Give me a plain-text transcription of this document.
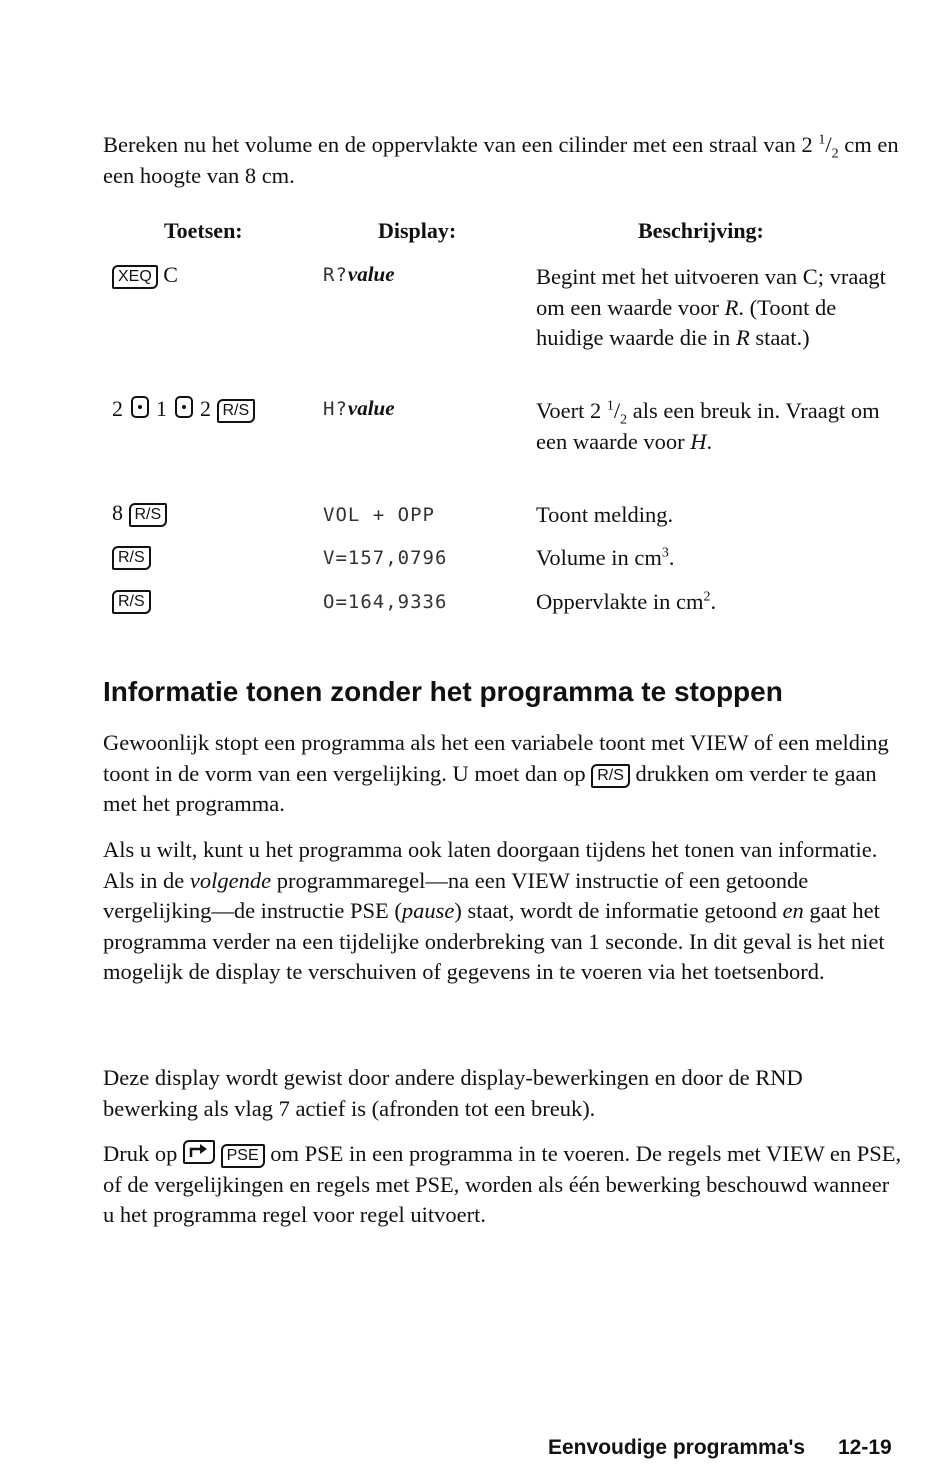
Bereken nu het volume en de oppervlakte van een cilinder met een straal van 2 $^1/_2$ cm en een hoogte van 8 cm.

Toetsen:	Display:	Beschrijving:
XEQ C	R?value	Begint met het uitvoeren van C; vraagt om een waarde voor R. (Toont de huidige waarde die in R staat.)
2 1 2 R/S	H?value	Voert 2 $^1/_2$ als een breuk in. Vraagt om een waarde voor H.
8 R/S	VOL + OPP	Toont melding.
R/S	V=157,0796	Volume in $cm^3$.
R/S	O=164,9336	Oppervlakte in $cm^2$.
Informatie tonen zonder het programma te stoppen

Gewoonlijk stopt een programma als het een variabele toont met VIEW of een melding toont in de vorm van een vergelijking. U moet dan op R/S drukken om verder te gaan met het programma.

Als u wilt, kunt u het programma ook laten doorgaan tijdens het tonen van informatie. Als in de volgende programmaregel—na een VIEW instructie of een getoonde vergelijking—de instructie PSE (pause) staat, wordt de informatie getoond en gaat het programma verder na een tijdelijke onderbreking van 1 seconde. In dit geval is het niet mogelijk de display te verschuiven of gegevens in te voeren via het toetsenbord.

Deze display wordt gewist door andere display-bewerkingen en door de RND bewerking als vlag 7 actief is (afronden tot een breuk).

Druk op	PSE om PSE in een programma in te voeren. De regels met VIEW en PSE, of de vergelijkingen en regels met PSE, worden als één bewerking beschouwd wanneer u het programma regel voor regel uitvoert.

Eenvoudige programma's 12-19
